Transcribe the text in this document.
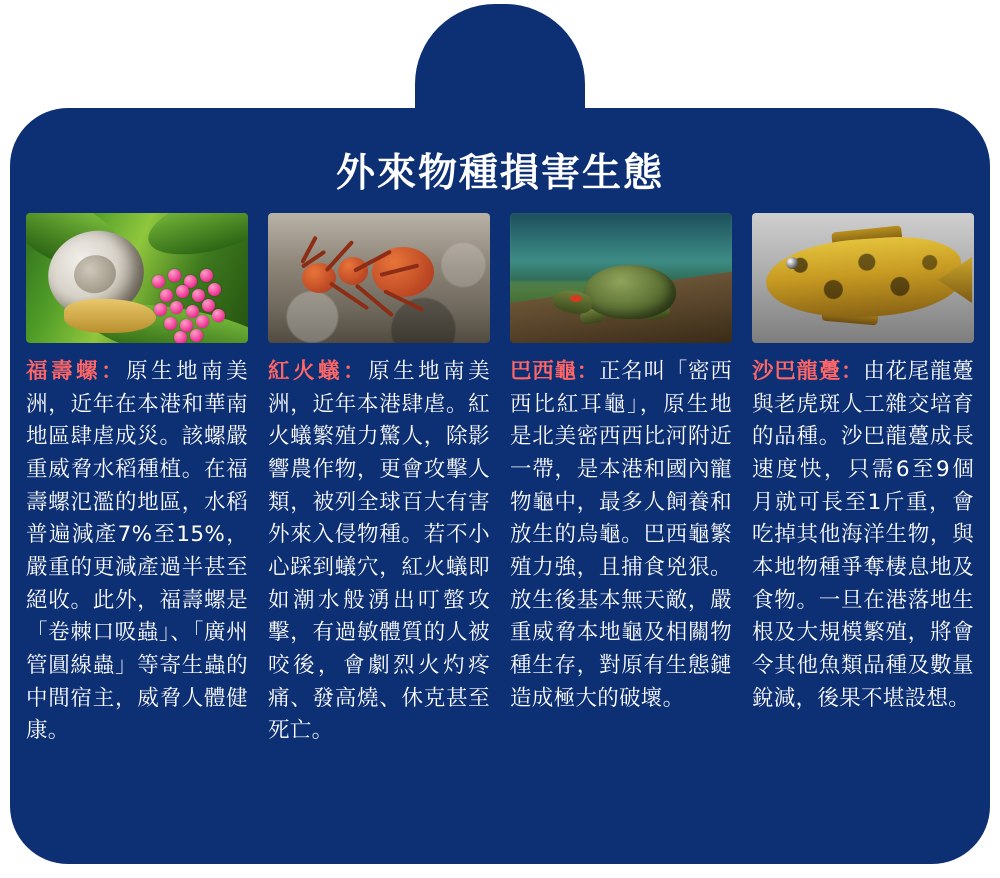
外來物種損害生態
福壽螺：原生地南美洲，近年在本港和華南地區肆虐成災。該螺嚴重威脅水稻種植。在福壽螺氾濫的地區，水稻普遍減產7%至15%，嚴重的更減產過半甚至絕收。此外，福壽螺是「卷棘口吸蟲」、「廣州管圓線蟲」等寄生蟲的中間宿主，威脅人體健康。
紅火蟻：原生地南美洲，近年本港肆虐。紅火蟻繁殖力驚人，除影響農作物，更會攻擊人類，被列全球百大有害外來入侵物種。若不小心踩到蟻穴，紅火蟻即如潮水般湧出叮螫攻擊，有過敏體質的人被咬後，會劇烈火灼疼痛、發高燒、休克甚至死亡。
巴西龜：正名叫「密西西比紅耳龜」，原生地是北美密西西比河附近一帶，是本港和國內寵物龜中，最多人飼養和放生的烏龜。巴西龜繁殖力強，且捕食兇狠。放生後基本無天敵，嚴重威脅本地龜及相關物種生存，對原有生態鏈造成極大的破壞。
沙巴龍躉：由花尾龍躉與老虎斑人工雜交培育的品種。沙巴龍躉成長速度快，只需6至9個月就可長至1斤重，會吃掉其他海洋生物，與本地物種爭奪棲息地及食物。一旦在港落地生根及大規模繁殖，將會令其他魚類品種及數量銳減，後果不堪設想。
